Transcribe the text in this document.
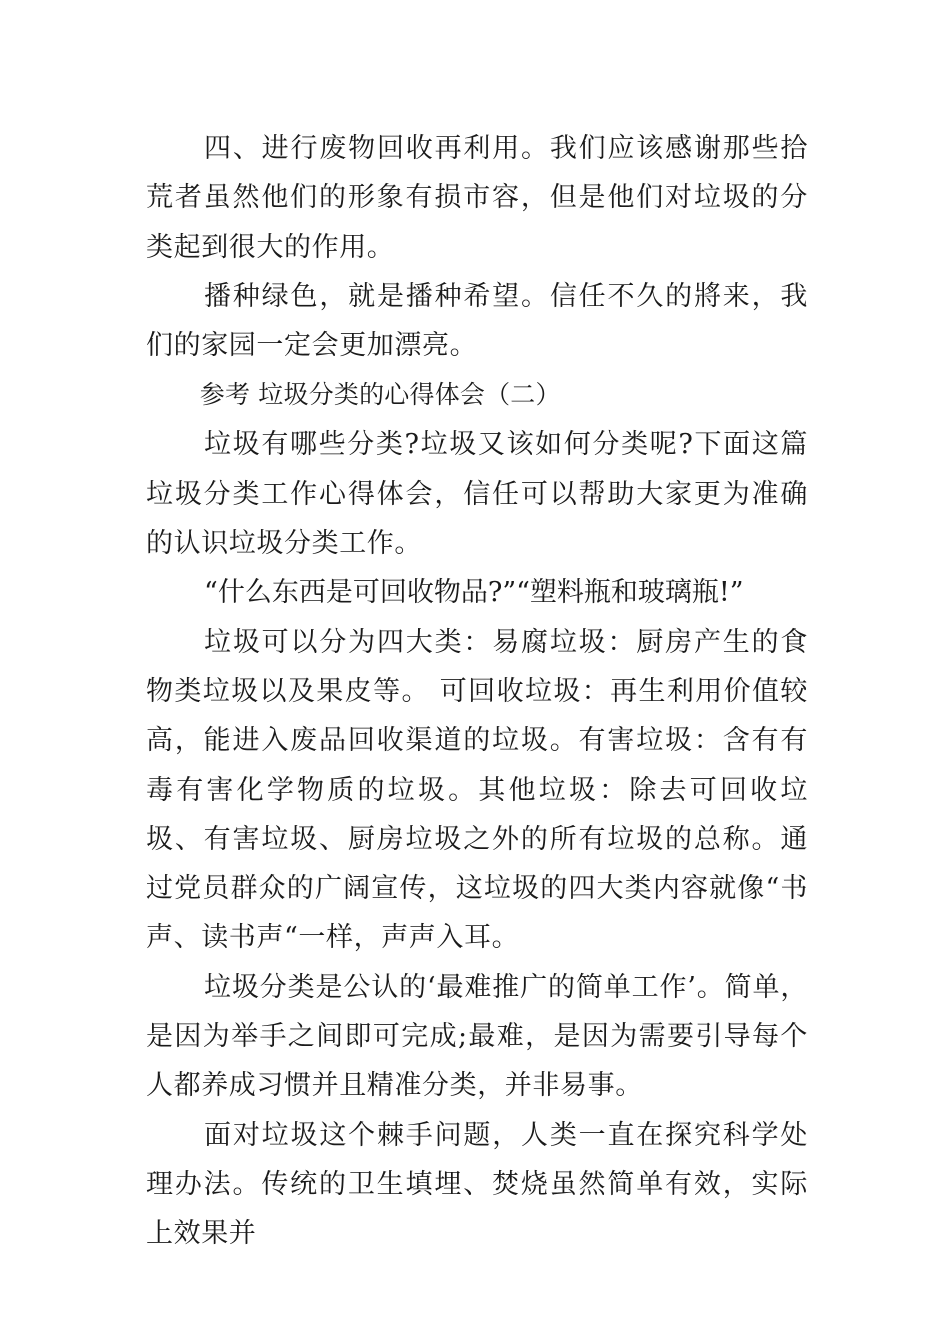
四、进行废物回收再利用。我们应该感谢那些拾荒者虽然他们的形象有损市容，但是他们对垃圾的分类起到很大的作用。

播种绿色，就是播种希望。信任不久的將来，我们的家园一定会更加漂亮。

参考 垃圾分类的心得体会（二）

垃圾有哪些分类?垃圾又该如何分类呢?下面这篇垃圾分类工作心得体会，信任可以帮助大家更为准确的认识垃圾分类工作。

“什么东西是可回收物品?”“塑料瓶和玻璃瓶!”

垃圾可以分为四大类：易腐垃圾：厨房产生的食物类垃圾以及果皮等。 可回收垃圾：再生利用价值较高，能进入废品回收渠道的垃圾。有害垃圾：含有有毒有害化学物质的垃圾。其他垃圾：除去可回收垃圾、有害垃圾、厨房垃圾之外的所有垃圾的总称。通过党员群众的广阔宣传，这垃圾的四大类内容就像“书声、读书声“一样，声声入耳。

垃圾分类是公认的‘最难推广的简单工作’。简单，是因为举手之间即可完成;最难，是因为需要引导每个人都养成习惯并且精准分类，并非易事。

面对垃圾这个棘手问题，人类一直在探究科学处理办法。传统的卫生填埋、焚烧虽然简单有效，实际上效果并
